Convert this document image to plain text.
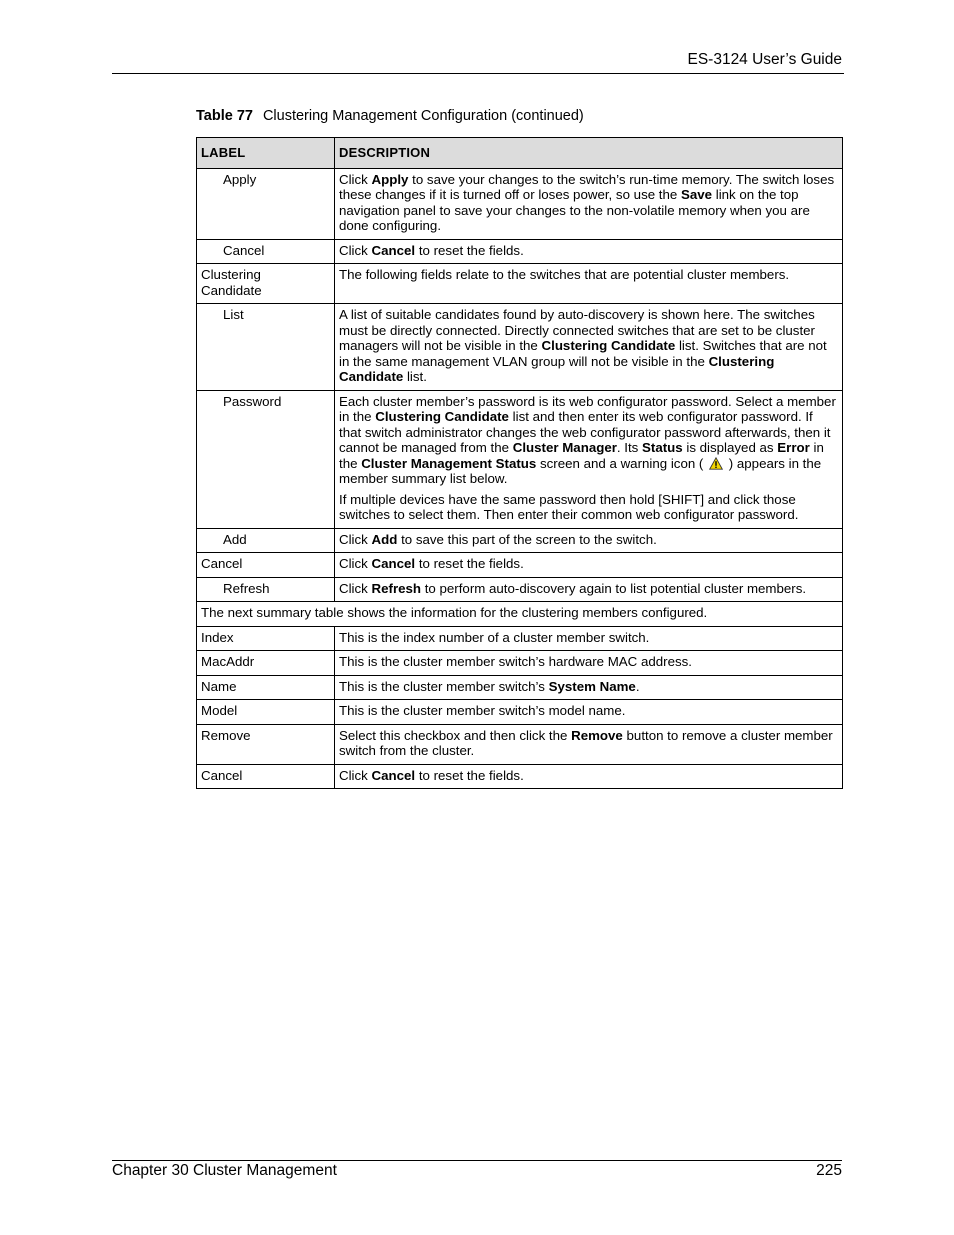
ES-3124 User’s Guide
Table 77 Clustering Management Configuration (continued)
LABEL	DESCRIPTION
Apply	Click Apply to save your changes to the switch’s run-time memory. The switch loses these changes if it is turned off or loses power, so use the Save link on the top navigation panel to save your changes to the non-volatile memory when you are done configuring.

Cancel	Click Cancel to reset the fields.

Clustering Candidate	The following fields relate to the switches that are potential cluster members.

List	A list of suitable candidates found by auto-discovery is shown here. The switches must be directly connected. Directly connected switches that are set to be cluster managers will not be visible in the Clustering Candidate list. Switches that are not in the same management VLAN group will not be visible in the Clustering Candidate list.

Password	Each cluster member’s password is its web configurator password. Select a member in the Clustering Candidate list and then enter its web configurator password. If that switch administrator changes the web configurator password afterwards, then it cannot be managed from the Cluster Manager. Its Status is displayed as Error in the Cluster Management Status screen and a warning icon (  ) appears in the member summary list below.

If multiple devices have the same password then hold [SHIFT] and click those switches to select them. Then enter their common web configurator password.

Add	Click Add to save this part of the screen to the switch.

Cancel	Click Cancel to reset the fields.

Refresh	Click Refresh to perform auto-discovery again to list potential cluster members.

The next summary table shows the information for the clustering members configured.	
Index	This is the index number of a cluster member switch.

MacAddr	This is the cluster member switch’s hardware MAC address.

Name	This is the cluster member switch’s System Name.

Model	This is the cluster member switch’s model name.

Remove	Select this checkbox and then click the Remove button to remove a cluster member switch from the cluster.

Cancel	Click Cancel to reset the fields.

Chapter 30 Cluster Management	225
